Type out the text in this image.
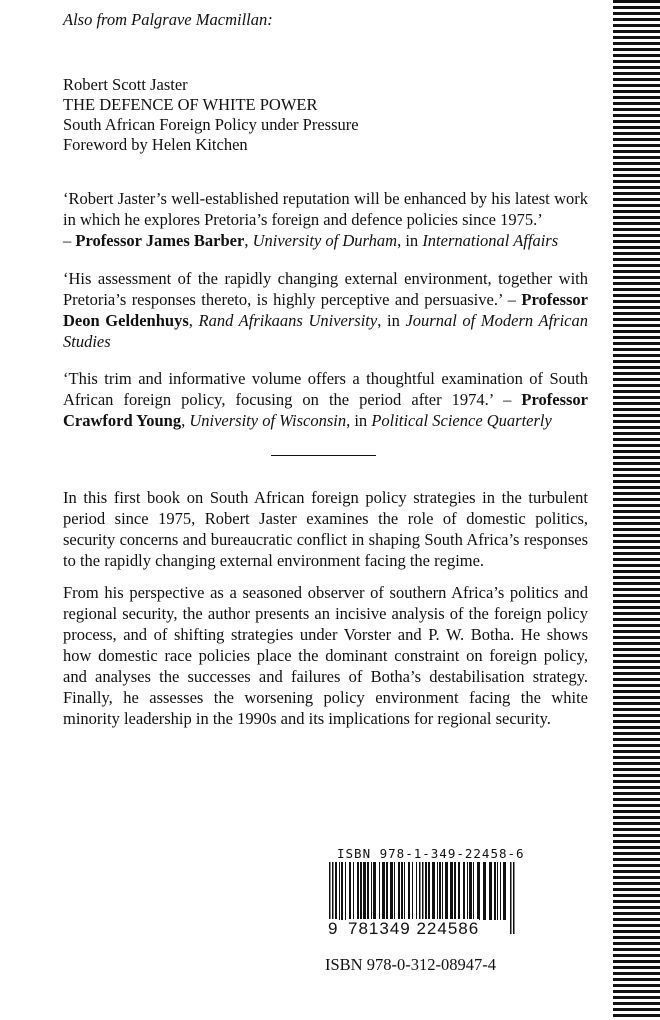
Also from Palgrave Macmillan:
Robert Scott Jaster
THE DEFENCE OF WHITE POWER
South African Foreign Policy under Pressure
Foreword by Helen Kitchen
‘Robert Jaster’s well-established reputation will be enhanced by his latest work in which he explores Pretoria’s foreign and defence policies since 1975.’
– Professor James Barber, University of Durham, in International Affairs
‘His assessment of the rapidly changing external environment, together with Pretoria’s responses thereto, is highly perceptive and persuasive.’ – Professor Deon Geldenhuys, Rand Afrikaans University, in Journal of Modern African Studies
‘This trim and informative volume offers a thoughtful examination of South African foreign policy, focusing on the period after 1974.’ – Professor Crawford Young, University of Wisconsin, in Political Science Quarterly
In this first book on South African foreign policy strategies in the turbulent period since 1975, Robert Jaster examines the role of domestic politics, security concerns and bureaucratic conflict in shaping South Africa’s responses to the rapidly changing external environment facing the regime.
From his perspective as a seasoned observer of southern Africa’s politics and regional security, the author presents an incisive analysis of the foreign policy process, and of shifting strategies under Vorster and P. W. Botha. He shows how domestic race policies place the dominant constraint on foreign policy, and analyses the successes and failures of Botha’s destabilisation strategy. Finally, he assesses the worsening policy environment facing the white minority leadership in the 1990s and its implications for regional security.
ISBN 978-1-349-22458-6
9 781349 224586
ISBN 978-0-312-08947-4
